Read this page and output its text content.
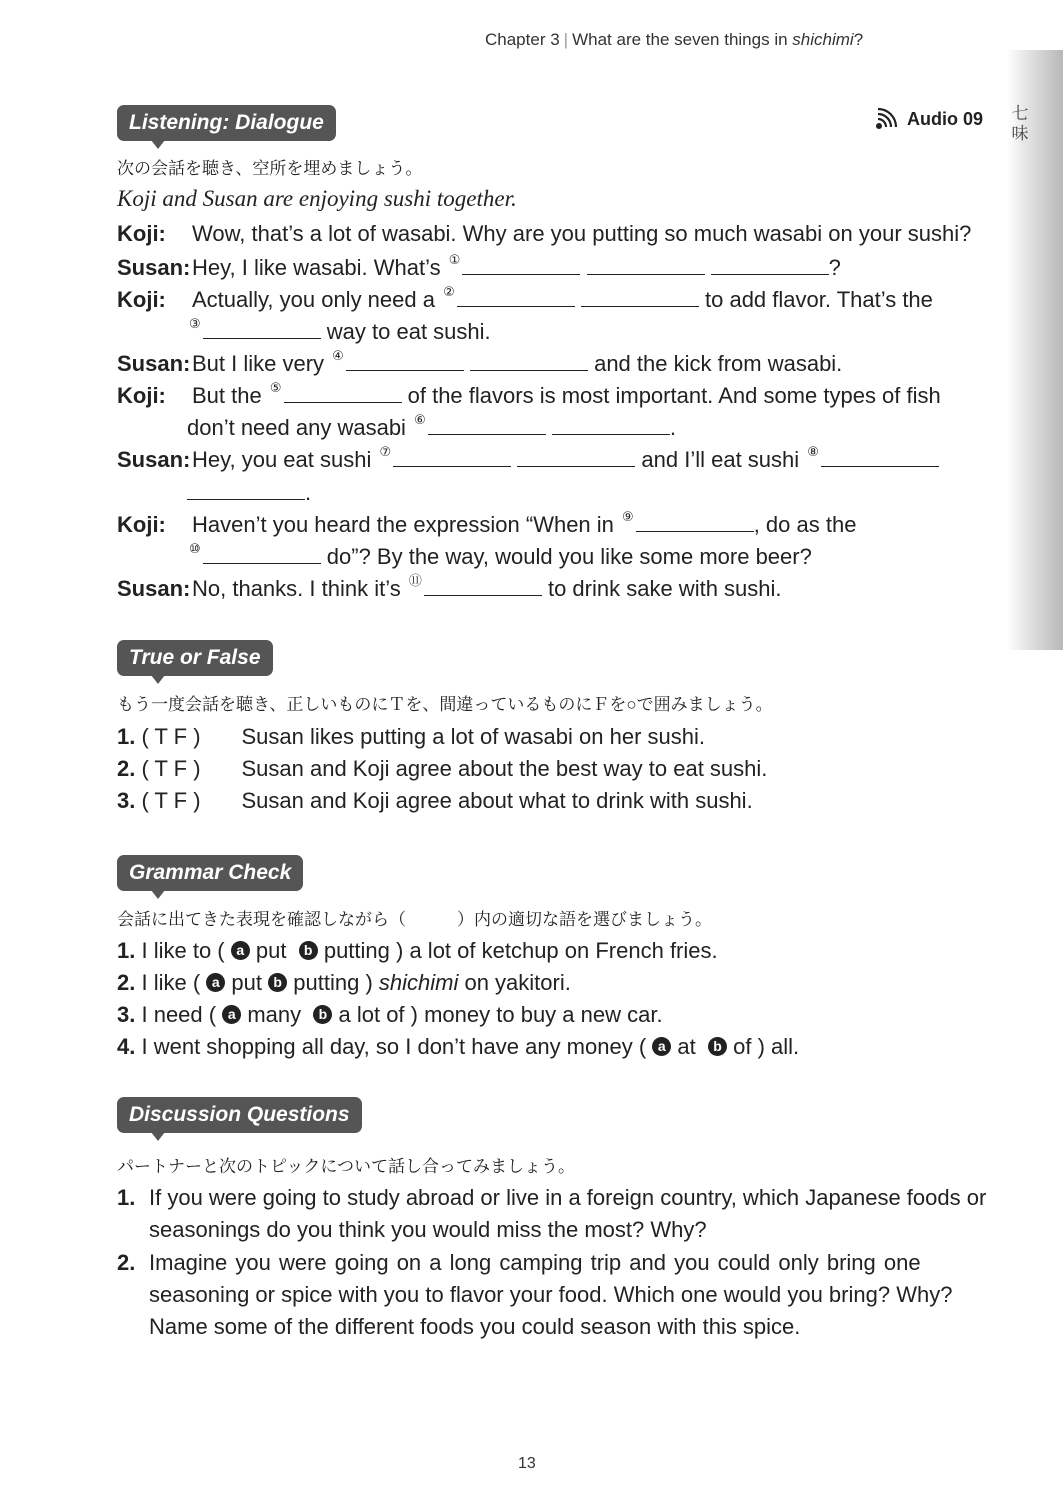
Chapter 3 | What are the seven things in shichimi?
七
味
Listening: Dialogue	Audio 09
次の会話を聴き、空所を埋めましょう。
Koji and Susan are enjoying sushi together.
Koji: Wow, that’s a lot of wasabi. Why are you putting so much wasabi on your sushi?
Susan:Hey, I like wasabi. What’s ①	?
Koji: Actually, you only need a ②	to add flavor. That’s the
③	way to eat sushi.
Susan:But I like very ④	and the kick from wasabi.
Koji: But the ⑤	of the flavors is most important. And some types of fish
don’t need any wasabi ⑥	.
Susan:Hey, you eat sushi ⑦	and I’ll eat sushi ⑧
.
Koji: Haven’t you heard the expression “When in ⑨	, do as the
⑩	do”? By the way, would you like some more beer?
Susan:No, thanks. I think it’s ⑪	to drink sake with sushi.
True or False
もう一度会話を聴き、正しいものにＴを、間違っているものにＦを○で囲みましょう。
1. ( T F ) Susan likes putting a lot of wasabi on her sushi.
2. ( T F ) Susan and Koji agree about the best way to eat sushi.
3. ( T F ) Susan and Koji agree about what to drink with sushi.
Grammar Check
会話に出てきた表現を確認しながら（　　　）内の適切な語を選びましょう。
1. I like to ( a put b putting ) a lot of ketchup on French fries.
2. I like ( a put b putting ) shichimi on yakitori.
3. I need ( a many b a lot of ) money to buy a new car.
4. I went shopping all day, so I don’t have any money ( a at b of ) all.
Discussion Questions
パートナーと次のトピックについて話し合ってみましょう。
1. If you were going to study abroad or live in a foreign country, which Japanese foods or
seasonings do you think you would miss the most? Why?
2. Imagine you were going on a long camping trip and you could only bring one
seasoning or spice with you to flavor your food. Which one would you bring? Why?
Name some of the different foods you could season with this spice.
13
